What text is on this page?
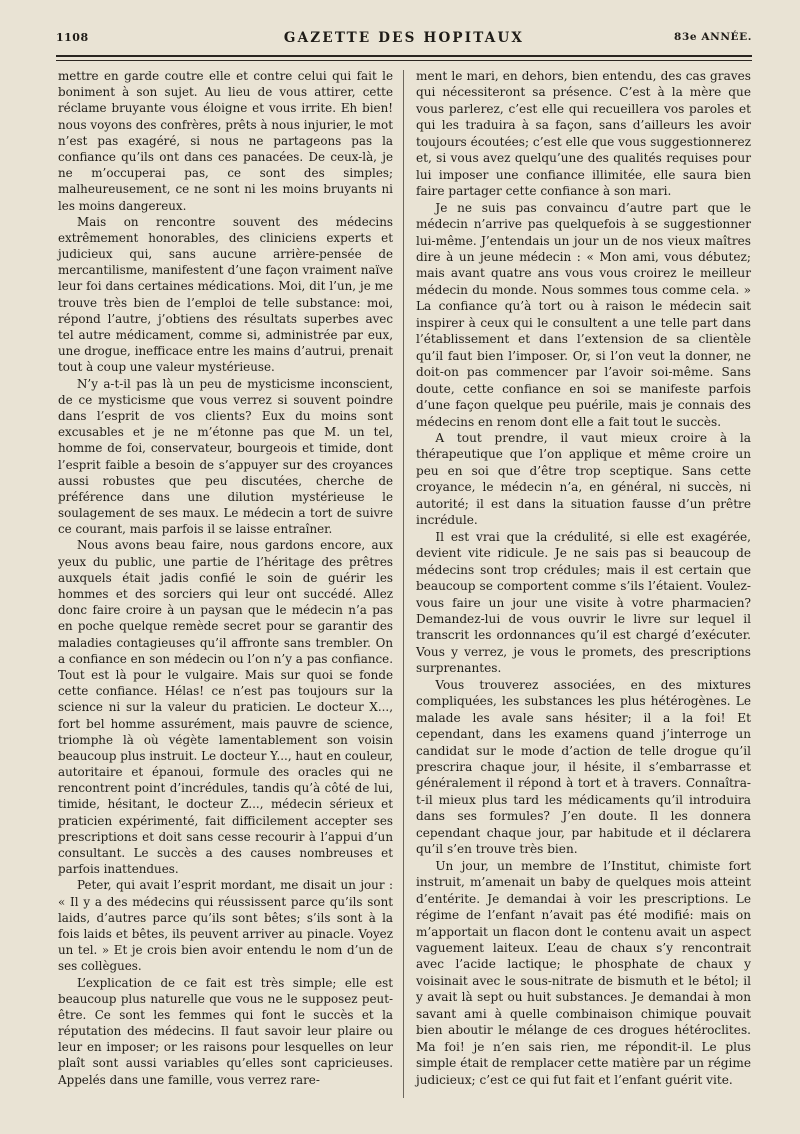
1108	GAZETTE DES HOPITAUX	83e ANNÉE.

mettre en garde coutre elle et contre celui qui fait le boniment à son sujet. Au lieu de vous attirer, cette réclame bruyante vous éloigne et vous irrite. Eh bien! nous voyons des confrères, prêts à nous injurier, le mot n’est pas exagéré, si nous ne partageons pas la confiance qu’ils ont dans ces panacées. De ceux-là, je ne m’occuperai pas, ce sont des simples; malheureusement, ce ne sont ni les moins bruyants ni les moins dangereux.

Mais on rencontre souvent des médecins extrêmement honorables, des cliniciens experts et judicieux qui, sans aucune arrière-pensée de mercantilisme, manifestent d’une façon vraiment naïve leur foi dans certaines médications. Moi, dit l’un, je me trouve très bien de l’emploi de telle substance: moi, répond l’autre, j’obtiens des résultats superbes avec tel autre médicament, comme si, administrée par eux, une drogue, inefficace entre les mains d’autrui, prenait tout à coup une valeur mystérieuse.

N’y a-t-il pas là un peu de mysticisme inconscient, de ce mysticisme que vous verrez si souvent poindre dans l’esprit de vos clients? Eux du moins sont excusables et je ne m’étonne pas que M. un tel, homme de foi, conservateur, bourgeois et timide, dont l’esprit faible a besoin de s’appuyer sur des croyances aussi robustes que peu discutées, cherche de préférence dans une dilution mystérieuse le soulagement de ses maux. Le médecin a tort de suivre ce courant, mais parfois il se laisse entraîner.

Nous avons beau faire, nous gardons encore, aux yeux du public, une partie de l’héritage des prêtres auxquels était jadis confié le soin de guérir les hommes et des sorciers qui leur ont succédé. Allez donc faire croire à un paysan que le médecin n’a pas en poche quelque remède secret pour se garantir des maladies contagieuses qu’il affronte sans trembler. On a confiance en son médecin ou l’on n’y a pas confiance. Tout est là pour le vulgaire. Mais sur quoi se fonde cette confiance. Hélas! ce n’est pas toujours sur la science ni sur la valeur du praticien. Le docteur X..., fort bel homme assurément, mais pauvre de science, triomphe là où végète lamentablement son voisin beaucoup plus instruit. Le docteur Y..., haut en couleur, autoritaire et épanoui, formule des oracles qui ne rencontrent point d’incrédules, tandis qu’à côté de lui, timide, hésitant, le docteur Z..., médecin sérieux et praticien expérimenté, fait difficilement accepter ses prescriptions et doit sans cesse recourir à l’appui d’un consultant. Le succès a des causes nombreuses et parfois inattendues.

Peter, qui avait l’esprit mordant, me disait un jour : « Il y a des médecins qui réussissent parce qu’ils sont laids, d’autres parce qu’ils sont bêtes; s’ils sont à la fois laids et bêtes, ils peuvent arriver au pinacle. Voyez un tel. » Et je crois bien avoir entendu le nom d’un de ses collègues.

L’explication de ce fait est très simple; elle est beaucoup plus naturelle que vous ne le supposez peut-être. Ce sont les femmes qui font le succès et la réputation des médecins. Il faut savoir leur plaire ou leur en imposer; or les raisons pour lesquelles on leur plaît sont aussi variables qu’elles sont capricieuses. Appelés dans une famille, vous verrez rare-

ment le mari, en dehors, bien entendu, des cas graves qui nécessiteront sa présence. C’est à la mère que vous parlerez, c’est elle qui recueillera vos paroles et qui les traduira à sa façon, sans d’ailleurs les avoir toujours écoutées; c’est elle que vous suggestionnerez et, si vous avez quelqu’une des qualités requises pour lui imposer une confiance illimitée, elle saura bien faire partager cette confiance à son mari.

Je ne suis pas convaincu d’autre part que le médecin n’arrive pas quelquefois à se suggestionner lui-même. J’entendais un jour un de nos vieux maîtres dire à un jeune médecin : « Mon ami, vous débutez; mais avant quatre ans vous vous croirez le meilleur médecin du monde. Nous sommes tous comme cela. » La confiance qu’à tort ou à raison le médecin sait inspirer à ceux qui le consultent a une telle part dans l’établissement et dans l’extension de sa clientèle qu’il faut bien l’imposer. Or, si l’on veut la donner, ne doit-on pas commencer par l’avoir soi-même. Sans doute, cette confiance en soi se manifeste parfois d’une façon quelque peu puérile, mais je connais des médecins en renom dont elle a fait tout le succès.

A tout prendre, il vaut mieux croire à la thérapeutique que l’on applique et même croire un peu en soi que d’être trop sceptique. Sans cette croyance, le médecin n’a, en général, ni succès, ni autorité; il est dans la situation fausse d’un prêtre incrédule.

Il est vrai que la crédulité, si elle est exagérée, devient vite ridicule. Je ne sais pas si beaucoup de médecins sont trop crédules; mais il est certain que beaucoup se comportent comme s’ils l’étaient. Voulez-vous faire un jour une visite à votre pharmacien? Demandez-lui de vous ouvrir le livre sur lequel il transcrit les ordonnances qu’il est chargé d’exécuter. Vous y verrez, je vous le promets, des prescriptions surprenantes.

Vous trouverez associées, en des mixtures compliquées, les substances les plus hétérogènes. Le malade les avale sans hésiter; il a la foi! Et cependant, dans les examens quand j’interroge un candidat sur le mode d’action de telle drogue qu’il prescrira chaque jour, il hésite, il s’embarrasse et généralement il répond à tort et à travers. Connaîtra-t-il mieux plus tard les médicaments qu’il introduira dans ses formules? J’en doute. Il les donnera cependant chaque jour, par habitude et il déclarera qu’il s’en trouve très bien.

Un jour, un membre de l’Institut, chimiste fort instruit, m’amenait un baby de quelques mois atteint d’entérite. Je demandai à voir les prescriptions. Le régime de l’enfant n’avait pas été modifié: mais on m’apportait un flacon dont le contenu avait un aspect vaguement laiteux. L’eau de chaux s’y rencontrait avec l’acide lactique; le phosphate de chaux y voisinait avec le sous-nitrate de bismuth et le bétol; il y avait là sept ou huit substances. Je demandai à mon savant ami à quelle combinaison chimique pouvait bien aboutir le mélange de ces drogues hétéroclites. Ma foi! je n’en sais rien, me répondit-il. Le plus simple était de remplacer cette matière par un régime judicieux; c’est ce qui fut fait et l’enfant guérit vite.
